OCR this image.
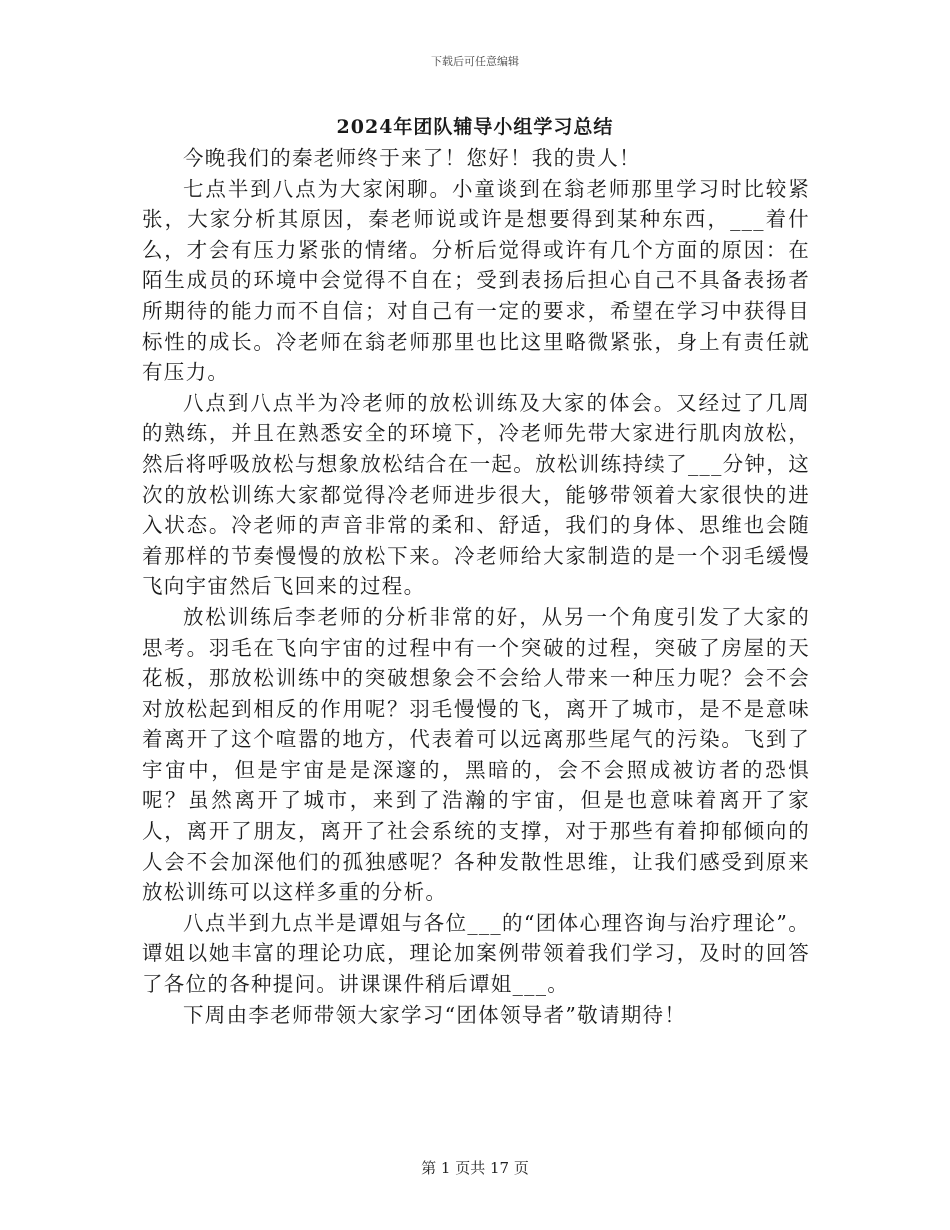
下载后可任意编辑
2024年团队辅导小组学习总结

今晚我们的秦老师终于来了！您好！我的贵人！

七点半到八点为大家闲聊。小童谈到在翁老师那里学习时比较紧张，大家分析其原因，秦老师说或许是想要得到某种东西，___着什么，才会有压力紧张的情绪。分析后觉得或许有几个方面的原因：在陌生成员的环境中会觉得不自在；受到表扬后担心自己不具备表扬者所期待的能力而不自信；对自己有一定的要求，希望在学习中获得目标性的成长。冷老师在翁老师那里也比这里略微紧张，身上有责任就有压力。

八点到八点半为冷老师的放松训练及大家的体会。又经过了几周的熟练，并且在熟悉安全的环境下，冷老师先带大家进行肌肉放松，然后将呼吸放松与想象放松结合在一起。放松训练持续了___分钟，这次的放松训练大家都觉得冷老师进步很大，能够带领着大家很快的进入状态。冷老师的声音非常的柔和、舒适，我们的身体、思维也会随着那样的节奏慢慢的放松下来。冷老师给大家制造的是一个羽毛缓慢飞向宇宙然后飞回来的过程。

放松训练后李老师的分析非常的好，从另一个角度引发了大家的思考。羽毛在飞向宇宙的过程中有一个突破的过程，突破了房屋的天花板，那放松训练中的突破想象会不会给人带来一种压力呢？会不会对放松起到相反的作用呢？羽毛慢慢的飞，离开了城市，是不是意味着离开了这个喧嚣的地方，代表着可以远离那些尾气的污染。飞到了宇宙中，但是宇宙是是深邃的，黑暗的，会不会照成被访者的恐惧呢？虽然离开了城市，来到了浩瀚的宇宙，但是也意味着离开了家人，离开了朋友，离开了社会系统的支撑，对于那些有着抑郁倾向的人会不会加深他们的孤独感呢？各种发散性思维，让我们感受到原来放松训练可以这样多重的分析。

八点半到九点半是谭姐与各位___的“团体心理咨询与治疗理论”。谭姐以她丰富的理论功底，理论加案例带领着我们学习，及时的回答了各位的各种提问。讲课课件稍后谭姐___。

下周由李老师带领大家学习“团体领导者”敬请期待！

第 1 页共 17 页
